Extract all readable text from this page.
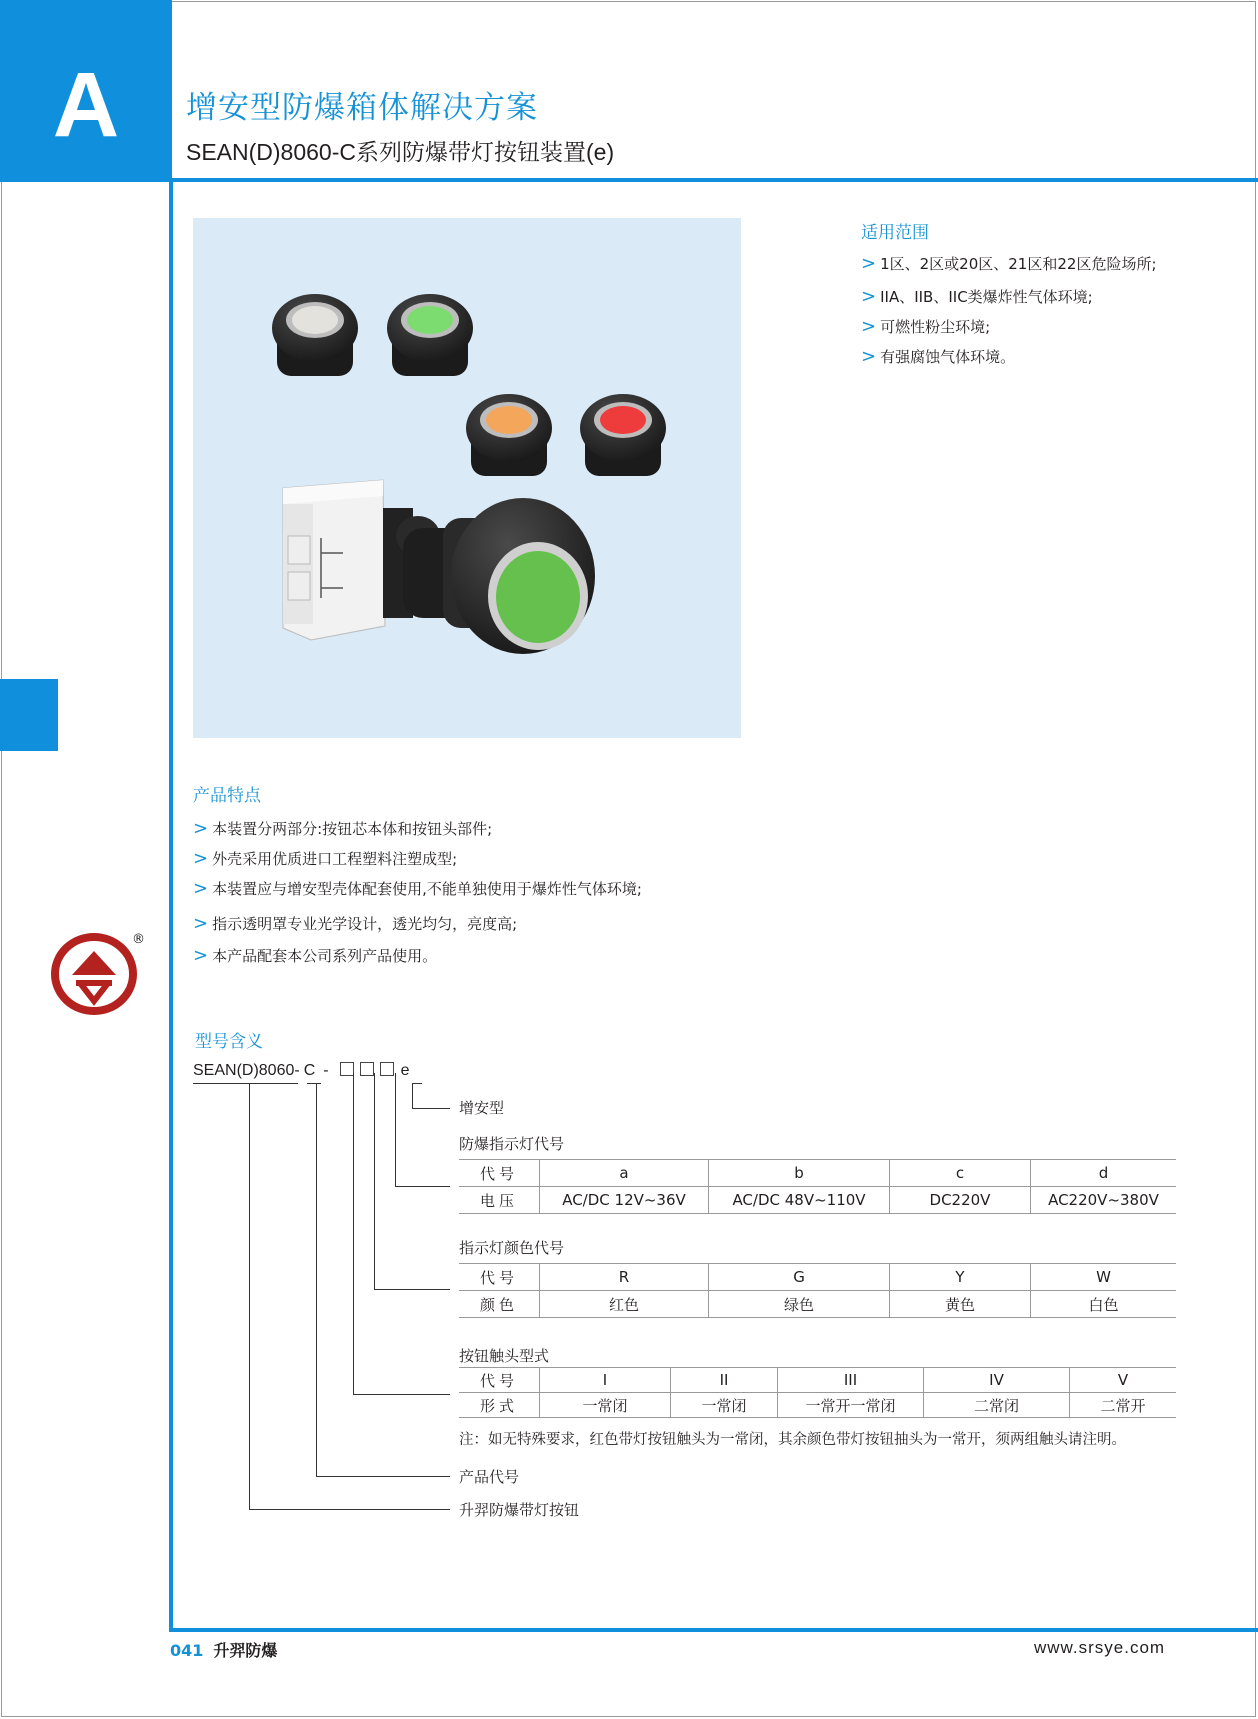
A	增安型防爆箱体解决方案
SEAN(D)8060-C系列防爆带灯按钮装置(e)
适用范围
> 1区、2区或20区、21区和22区危险场所;
> IIA、IIB、IIC类爆炸性气体环境;
> 可燃性粉尘环境;
> 有强腐蚀气体环境。
产品特点
> 本装置分两部分:按钮芯本体和按钮头部件;
> 外壳采用优质进口工程塑料注塑成型;
> 本装置应与增安型壳体配套使用,不能单独使用于爆炸性气体环境;
> 指示透明罩专业光学设计，透光均匀，亮度高;
> 本产品配套本公司系列产品使用。
®
型号含义
SEAN(D)8060- C -	e
增安型
防爆指示灯代号
代号	a	b	c	d
电压	AC/DC 12V~36V	AC/DC 48V~110V	DC220V	AC220V~380V
指示灯颜色代号
代号	R	G	Y	W
颜色	红色	绿色	黄色	白色
按钮触头型式
代号	I	II	III	IV	V
形式	一常闭	一常闭	一常开一常闭	二常闭	二常开
注：如无特殊要求，红色带灯按钮触头为一常闭，其余颜色带灯按钮抽头为一常开，须两组触头请注明。
产品代号
升羿防爆带灯按钮
041 升羿防爆	www.srsye.com
